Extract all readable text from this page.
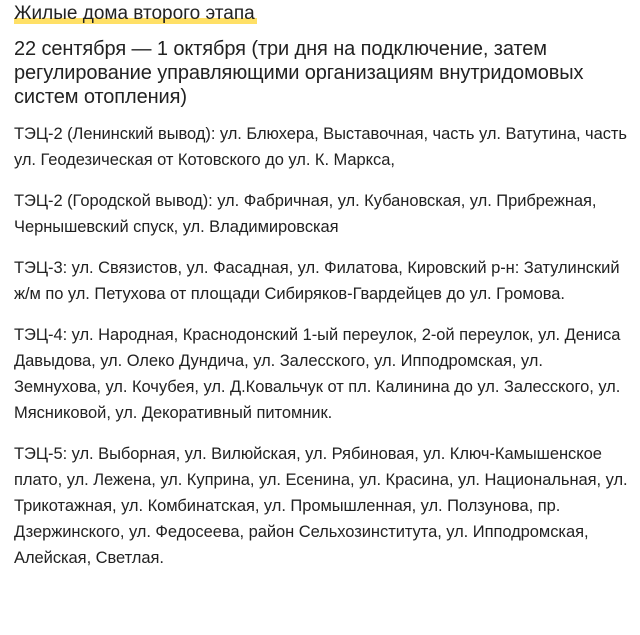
Жилые дома второго этапа
22 сентября — 1 октября (три дня на подключение, затем регулирование управляющими организациям внутридомовых систем отопления)
ТЭЦ-2 (Ленинский вывод): ул. Блюхера, Выставочная, часть ул. Ватутина, часть ул. Геодезическая от Котовского до ул. К. Маркса,
ТЭЦ-2 (Городской вывод): ул. Фабричная, ул. Кубановская, ул. Прибрежная, Чернышевский спуск, ул. Владимировская
ТЭЦ-3: ул. Связистов, ул. Фасадная, ул. Филатова, Кировский р-н: Затулинский ж/м по ул. Петухова от площади Сибиряков-Гвардейцев до ул. Громова.
ТЭЦ-4: ул. Народная, Краснодонский 1-ый переулок, 2-ой переулок, ул. Дениса Давыдова, ул. Олеко Дундича, ул. Залесского, ул. Ипподромская, ул. Земнухова, ул. Кочубея, ул. Д.Ковальчук от пл. Калинина до ул. Залесского, ул. Мясниковой, ул. Декоративный питомник.
ТЭЦ-5: ул. Выборная, ул. Вилюйская, ул. Рябиновая, ул. Ключ-Камышенское плато, ул. Лежена, ул. Куприна, ул. Есенина, ул. Красина, ул. Национальная, ул. Трикотажная, ул. Комбинатская, ул. Промышленная, ул. Ползунова, пр. Дзержинского, ул. Федосеева, район Сельхозинститута, ул. Ипподромская, Алейская, Светлая.
